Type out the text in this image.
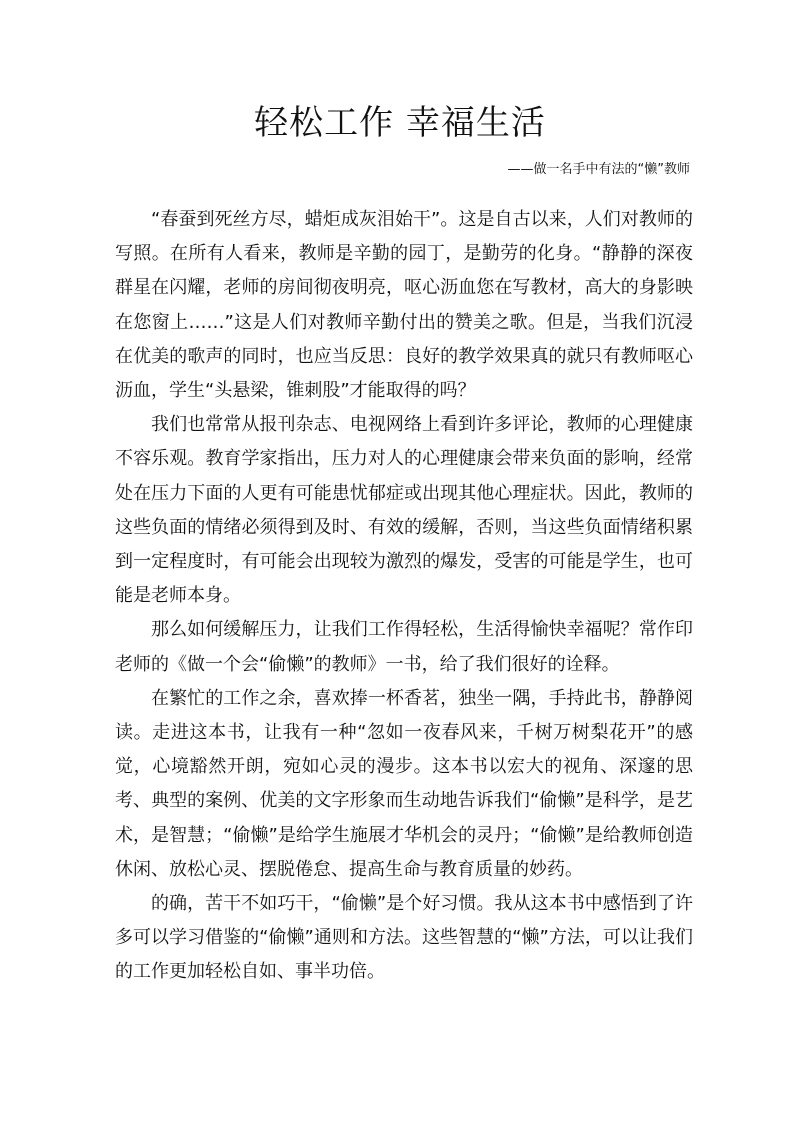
轻松工作 幸福生活
——做一名手中有法的“懒”教师

“春蚕到死丝方尽，蜡炬成灰泪始干”。这是自古以来，人们对教师的写照。在所有人看来，教师是辛勤的园丁，是勤劳的化身。“静静的深夜群星在闪耀，老师的房间彻夜明亮，呕心沥血您在写教材，高大的身影映在您窗上……”这是人们对教师辛勤付出的赞美之歌。但是，当我们沉浸在优美的歌声的同时，也应当反思：良好的教学效果真的就只有教师呕心沥血，学生“头悬梁，锥刺股”才能取得的吗？

我们也常常从报刊杂志、电视网络上看到许多评论，教师的心理健康不容乐观。教育学家指出，压力对人的心理健康会带来负面的影响，经常处在压力下面的人更有可能患忧郁症或出现其他心理症状。因此，教师的这些负面的情绪必须得到及时、有效的缓解，否则，当这些负面情绪积累到一定程度时，有可能会出现较为激烈的爆发，受害的可能是学生，也可能是老师本身。

那么如何缓解压力，让我们工作得轻松，生活得愉快幸福呢？常作印老师的《做一个会“偷懒”的教师》一书，给了我们很好的诠释。

在繁忙的工作之余，喜欢捧一杯香茗，独坐一隅，手持此书，静静阅读。走进这本书，让我有一种“忽如一夜春风来，千树万树梨花开”的感觉，心境豁然开朗，宛如心灵的漫步。这本书以宏大的视角、深邃的思考、典型的案例、优美的文字形象而生动地告诉我们“偷懒”是科学，是艺术，是智慧；“偷懒”是给学生施展才华机会的灵丹；“偷懒”是给教师创造休闲、放松心灵、摆脱倦怠、提高生命与教育质量的妙药。

的确，苦干不如巧干，“偷懒”是个好习惯。我从这本书中感悟到了许多可以学习借鉴的“偷懒”通则和方法。这些智慧的“懒”方法，可以让我们的工作更加轻松自如、事半功倍。
